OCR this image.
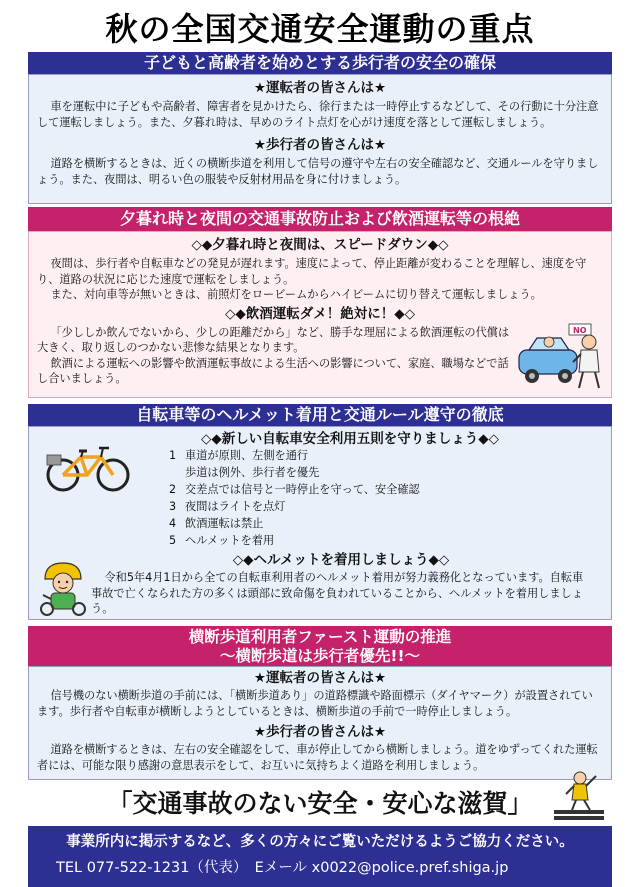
秋の全国交通安全運動の重点
子どもと高齢者を始めとする歩行者の安全の確保
★運転者の皆さんは★

車を運転中に子どもや高齢者、障害者を見かけたら、徐行または一時停止するなどして、その行動に十分注意して運転しましょう。また、夕暮れ時は、早めのライト点灯を心がけ速度を落として運転しましょう。

★歩行者の皆さんは★

道路を横断するときは、近くの横断歩道を利用して信号の遵守や左右の安全確認など、交通ルールを守りましょう。また、夜間は、明るい色の服装や反射材用品を身に付けましょう。

夕暮れ時と夜間の交通事故防止および飲酒運転等の根絶
◇◆夕暮れ時と夜間は、スピードダウン◆◇

夜間は、歩行者や自転車などの発見が遅れます。速度によって、停止距離が変わることを理解し、速度を守り、道路の状況に応じた速度で運転をしましょう。

また、対向車等が無いときは、前照灯をロービームからハイビームに切り替えて運転しましょう。

◇◆飲酒運転ダメ！絶対に！◆◇

「少ししか飲んでないから、少しの距離だから」など、勝手な理屈による飲酒運転の代償は大きく、取り返しのつかない悲惨な結果となります。

飲酒による運転への影響や飲酒運転事故による生活への影響について、家庭、職場などで話し合いましょう。

NO
自転車等のヘルメット着用と交通ルール遵守の徹底
◇◆新しい自転車安全利用五則を守りましょう◆◇
1 車道が原則、左側を通行
歩道は例外、歩行者を優先
2 交差点では信号と一時停止を守って、安全確認
3 夜間はライトを点灯
4 飲酒運転は禁止
5 ヘルメットを着用
◇◆ヘルメットを着用しましょう◆◇

令和5年4月1日から全ての自転車利用者のヘルメット着用が努力義務化となっています。自転車事故で亡くなられた方の多くは頭部に致命傷を負われていることから、ヘルメットを着用しましょう。

横断歩道利用者ファースト運動の推進
～横断歩道は歩行者優先!!～
★運転者の皆さんは★

信号機のない横断歩道の手前には、「横断歩道あり」の道路標識や路面標示（ダイヤマーク）が設置されています。歩行者や自転車が横断しようとしているときは、横断歩道の手前で一時停止しましょう。

★歩行者の皆さんは★

道路を横断するときは、左右の安全確認をして、車が停止してから横断しましょう。道をゆずってくれた運転者には、可能な限り感謝の意思表示をして、お互いに気持ちよく道路を利用しましょう。

「交通事故のない安全・安心な滋賀」
事業所内に掲示するなど、多くの方々にご覧いただけるようご協力ください。
TEL 077-522-1231（代表）　Eメール x0022@police.pref.shiga.jp
